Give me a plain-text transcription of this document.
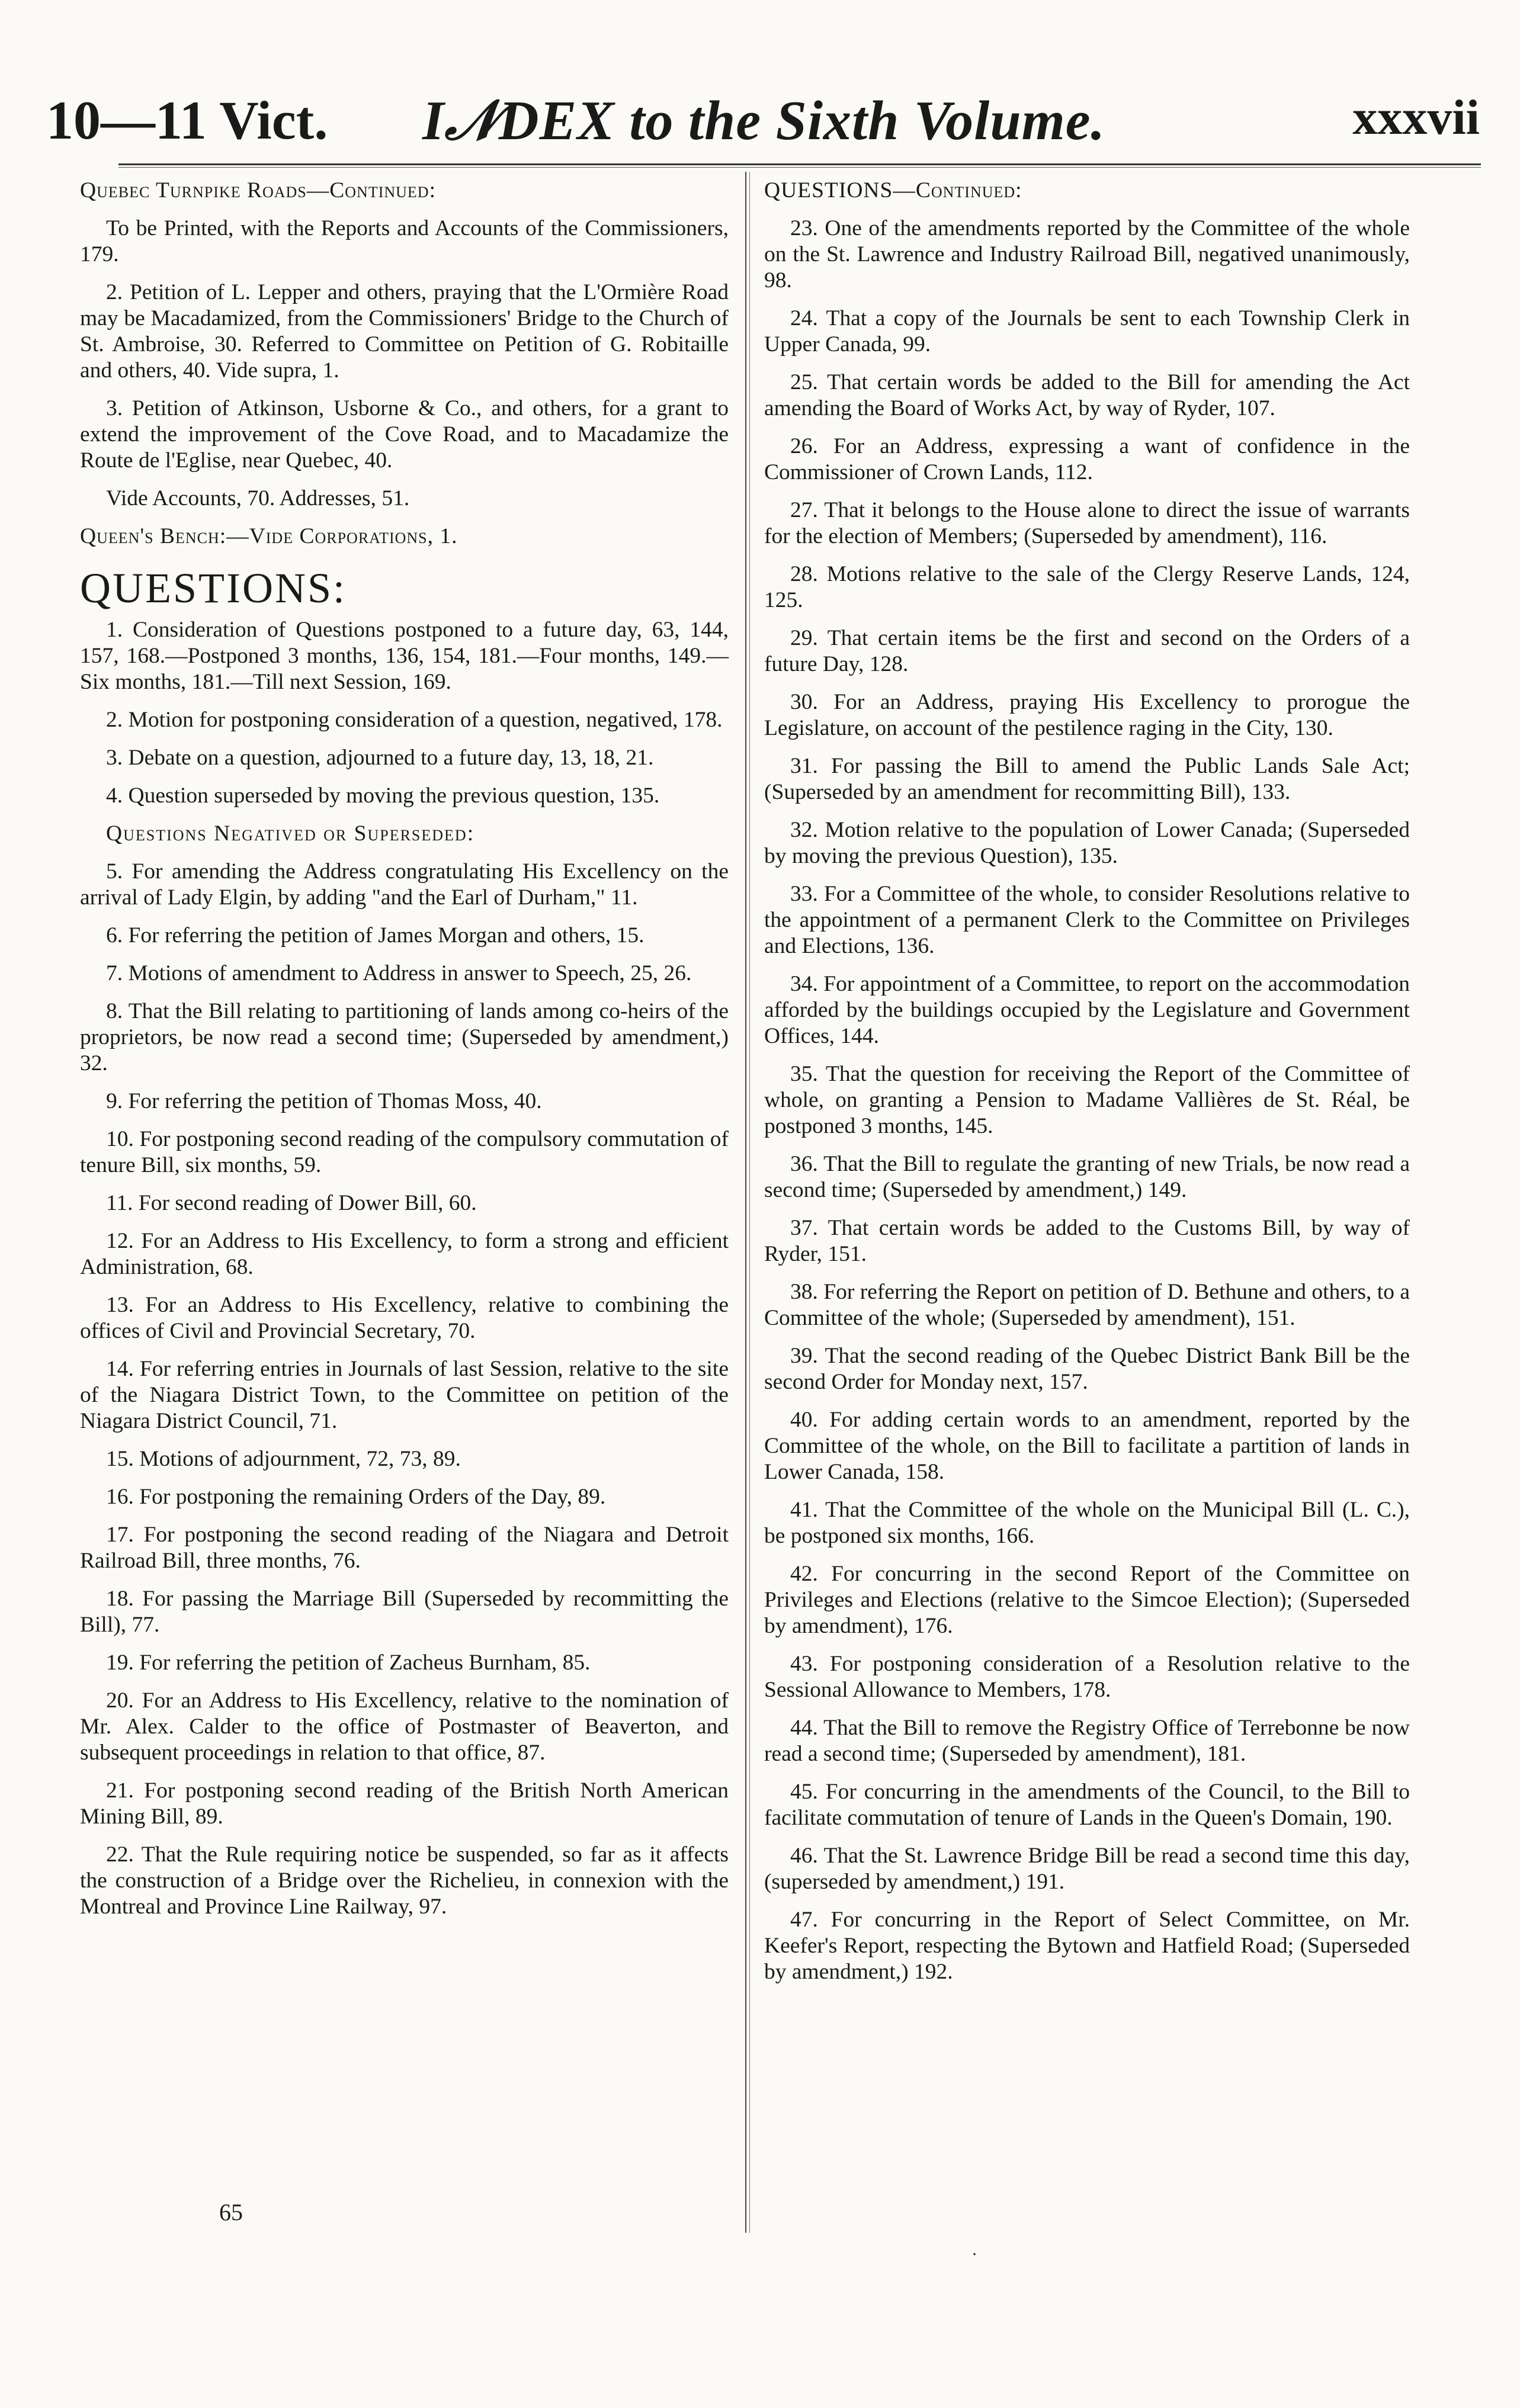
10—11 Vict. I𝒩DEX to the Sixth Volume.	xxxvii

Quebec Turnpike Roads—Continued:

To be Printed, with the Reports and Accounts of the Commissioners, 179.

2. Petition of L. Lepper and others, praying that the L'Ormière Road may be Macadamized, from the Commissioners' Bridge to the Church of St. Ambroise, 30. Referred to Committee on Petition of G. Robitaille and others, 40. Vide supra, 1.

3. Petition of Atkinson, Usborne & Co., and others, for a grant to extend the improvement of the Cove Road, and to Macadamize the Route de l'Eglise, near Quebec, 40.

Vide Accounts, 70. Addresses, 51.

Queen's Bench:—Vide Corporations, 1.

QUESTIONS:

1. Consideration of Questions postponed to a future day, 63, 144, 157, 168.—Postponed 3 months, 136, 154, 181.—Four months, 149.—Six months, 181.—Till next Session, 169.

2. Motion for postponing consideration of a question, negatived, 178.

3. Debate on a question, adjourned to a future day, 13, 18, 21.

4. Question superseded by moving the previous question, 135.

Questions Negatived or Superseded:

5. For amending the Address congratulating His Excellency on the arrival of Lady Elgin, by adding "and the Earl of Durham," 11.

6. For referring the petition of James Morgan and others, 15.

7. Motions of amendment to Address in answer to Speech, 25, 26.

8. That the Bill relating to partitioning of lands among co-heirs of the proprietors, be now read a second time; (Superseded by amendment,) 32.

9. For referring the petition of Thomas Moss, 40.

10. For postponing second reading of the compulsory commutation of tenure Bill, six months, 59.

11. For second reading of Dower Bill, 60.

12. For an Address to His Excellency, to form a strong and efficient Administration, 68.

13. For an Address to His Excellency, relative to combining the offices of Civil and Provincial Secretary, 70.

14. For referring entries in Journals of last Session, relative to the site of the Niagara District Town, to the Committee on petition of the Niagara District Council, 71.

15. Motions of adjournment, 72, 73, 89.

16. For postponing the remaining Orders of the Day, 89.

17. For postponing the second reading of the Niagara and Detroit Railroad Bill, three months, 76.

18. For passing the Marriage Bill (Superseded by recommitting the Bill), 77.

19. For referring the petition of Zacheus Burnham, 85.

20. For an Address to His Excellency, relative to the nomination of Mr. Alex. Calder to the office of Postmaster of Beaverton, and subsequent proceedings in relation to that office, 87.

21. For postponing second reading of the British North American Mining Bill, 89.

22. That the Rule requiring notice be suspended, so far as it affects the construction of a Bridge over the Richelieu, in connexion with the Montreal and Province Line Railway, 97.

QUESTIONS—Continued:

23. One of the amendments reported by the Committee of the whole on the St. Lawrence and Industry Railroad Bill, negatived unanimously, 98.

24. That a copy of the Journals be sent to each Township Clerk in Upper Canada, 99.

25. That certain words be added to the Bill for amending the Act amending the Board of Works Act, by way of Ryder, 107.

26. For an Address, expressing a want of confidence in the Commissioner of Crown Lands, 112.

27. That it belongs to the House alone to direct the issue of warrants for the election of Members; (Superseded by amendment), 116.

28. Motions relative to the sale of the Clergy Reserve Lands, 124, 125.

29. That certain items be the first and second on the Orders of a future Day, 128.

30. For an Address, praying His Excellency to prorogue the Legislature, on account of the pestilence raging in the City, 130.

31. For passing the Bill to amend the Public Lands Sale Act; (Superseded by an amendment for recommitting Bill), 133.

32. Motion relative to the population of Lower Canada; (Superseded by moving the previous Question), 135.

33. For a Committee of the whole, to consider Resolutions relative to the appointment of a permanent Clerk to the Committee on Privileges and Elections, 136.

34. For appointment of a Committee, to report on the accommodation afforded by the buildings occupied by the Legislature and Government Offices, 144.

35. That the question for receiving the Report of the Committee of whole, on granting a Pension to Madame Vallières de St. Réal, be postponed 3 months, 145.

36. That the Bill to regulate the granting of new Trials, be now read a second time; (Superseded by amendment,) 149.

37. That certain words be added to the Customs Bill, by way of Ryder, 151.

38. For referring the Report on petition of D. Bethune and others, to a Committee of the whole; (Superseded by amendment), 151.

39. That the second reading of the Quebec District Bank Bill be the second Order for Monday next, 157.

40. For adding certain words to an amendment, reported by the Committee of the whole, on the Bill to facilitate a partition of lands in Lower Canada, 158.

41. That the Committee of the whole on the Municipal Bill (L. C.), be postponed six months, 166.

42. For concurring in the second Report of the Committee on Privileges and Elections (relative to the Simcoe Election); (Superseded by amendment), 176.

43. For postponing consideration of a Resolution relative to the Sessional Allowance to Members, 178.

44. That the Bill to remove the Registry Office of Terrebonne be now read a second time; (Superseded by amendment), 181.

45. For concurring in the amendments of the Council, to the Bill to facilitate commutation of tenure of Lands in the Queen's Domain, 190.

46. That the St. Lawrence Bridge Bill be read a second time this day, (superseded by amendment,) 191.

47. For concurring in the Report of Select Committee, on Mr. Keefer's Report, respecting the Bytown and Hatfield Road; (Superseded by amendment,) 192.

65
·
